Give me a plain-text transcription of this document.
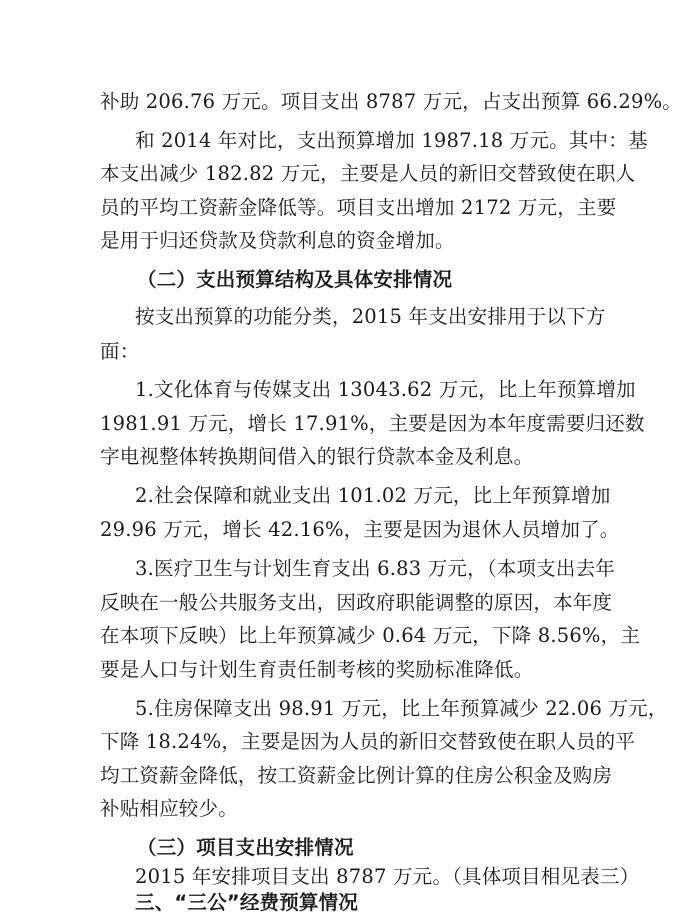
补助 206.76 万元。项目支出 8787 万元，占支出预算 66.29%。
和 2014 年对比，支出预算增加 1987.18 万元。其中：基
本支出减少 182.82 万元，主要是人员的新旧交替致使在职人
员的平均工资薪金降低等。项目支出增加 2172 万元，主要
是用于归还贷款及贷款利息的资金增加。
（二）支出预算结构及具体安排情况
按支出预算的功能分类，2015 年支出安排用于以下方
面：
1.文化体育与传媒支出 13043.62 万元，比上年预算增加
1981.91 万元，增长 17.91%，主要是因为本年度需要归还数
字电视整体转换期间借入的银行贷款本金及利息。
2.社会保障和就业支出 101.02 万元，比上年预算增加
29.96 万元，增长 42.16%，主要是因为退休人员增加了。
3.医疗卫生与计划生育支出 6.83 万元，（本项支出去年
反映在一般公共服务支出，因政府职能调整的原因，本年度
在本项下反映）比上年预算减少 0.64 万元，下降 8.56%，主
要是人口与计划生育责任制考核的奖励标准降低。
5.住房保障支出 98.91 万元，比上年预算减少 22.06 万元，
下降 18.24%，主要是因为人员的新旧交替致使在职人员的平
均工资薪金降低，按工资薪金比例计算的住房公积金及购房
补贴相应较少。
（三）项目支出安排情况
2015 年安排项目支出 8787 万元。（具体项目相见表三）
三、“三公”经费预算情况
